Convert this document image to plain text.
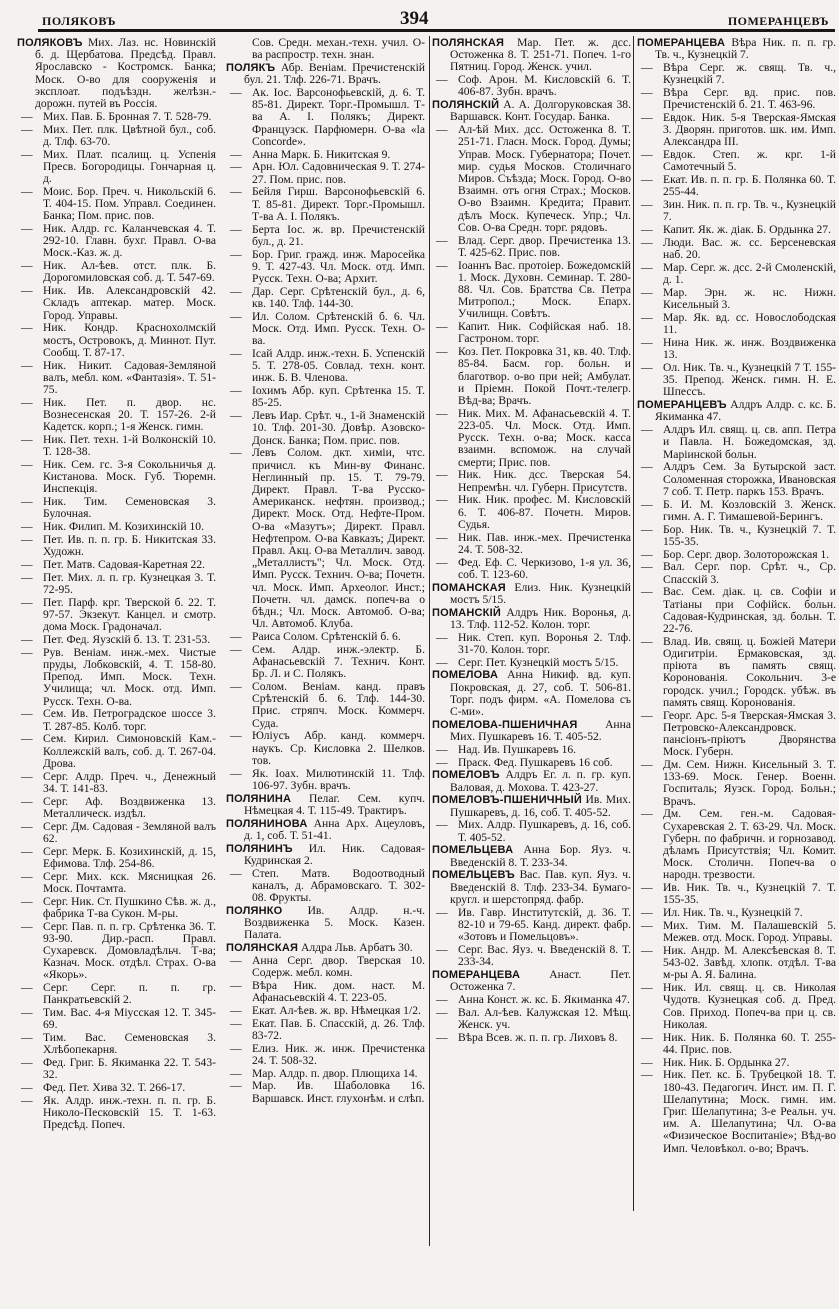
ПОЛЯКОВЪ	394	ПОМЕРАНЦЕВЪ
ПОЛЯКОВЪ Мих. Лаз. нс. Новинскій б. д. Щербатова. Предсѣд. Правл. Ярославско - Костромск. Банка; Моск. О-во для сооруженія и эксплоат. подъѣздн. желѣзн.-дорожн. путей въ Россія.
— Мих. Пав. Б. Бронная 7. Т. 528-79.
— Мих. Пет. плк. Цвѣтной бул., соб. д. Тлф. 63-70.
— Мих. Плат. псалищ. ц. Успенія Пресв. Богородицы. Гончарная ц. д.
— Моис. Бор. Преч. ч. Никольскій 6. Т. 404-15. Пом. Управл. Соединен. Банка; Пом. прис. пов.
— Ник. Алдр. гс. Каланчевская 4. Т. 292-10. Главн. бухг. Правл. О-ва Моск.-Каз. ж. д.
— Ник. Ал-ѣев. отст. плк. Б. Дорогомиловская соб. д. Т. 547-69.
— Ник. Ив. Александровскій 42. Складъ аптекар. матер. Моск. Город. Управы.
— Ник. Кондр. Краснохолмскій мостъ, Островокъ, д. Миннот. Пут. Сообщ. Т. 87-17.
— Ник. Никит. Садовая-Земляной валъ, мебл. ком. «Фантазія». Т. 51-75.
— Ник. Пет. п. двор. нс. Вознесенская 20. Т. 157-26. 2-й Кадетск. корп.; 1-я Женск. гимн.
— Ник. Пет. техн. 1-й Волконскій 10. Т. 128-38.
— Ник. Сем. гс. 3-я Сокольничья д. Кистанова. Моск. Губ. Тюремн. Инспекція.
— Ник. Тим. Семеновская 3. Булочная.
— Ник. Филип. М. Козихинскій 10.
— Пет. Ив. п. п. гр. Б. Никитская 33. Художн.
— Пет. Матв. Садовая-Каретная 22.
— Пет. Мих. л. п. гр. Кузнецкая 3. Т. 72-95.
— Пет. Парф. крг. Тверской б. 22. Т. 97-57. Экзекут. Канцел. и смотр. дома Моск. Градоначал.
— Пет. Фед. Яузскій б. 13. Т. 231-53.
— Рув. Веніам. инж.-мех. Чистые пруды, Лобковскій, 4. Т. 158-80. Препод. Имп. Моск. Техн. Училища; чл. Моск. отд. Имп. Русск. Техн. О-ва.
— Сем. Ив. Петроградское шоссе 3. Т. 287-85. Колб. торг.
— Сем. Кирил. Симоновскій Кам.-Коллежскій валъ, соб. д. Т. 267-04. Дрова.
— Серг. Алдр. Преч. ч., Денежный 34. Т. 141-83.
— Серг. Аф. Воздвиженка 13. Металлическ. издѣл.
— Серг. Дм. Садовая - Земляной валъ 62.
— Серг. Мерк. Б. Козихинскій, д. 15, Ефимова. Тлф. 254-86.
— Серг. Мих. кск. Мясницкая 26. Моск. Почтамта.
— Серг. Ник. Ст. Пушкино Сѣв. ж. д., фабрика Т-ва Сукон. М-ры.
— Серг. Пав. п. п. гр. Срѣтенка 36. Т. 93-90. Дир.-расп. Правл. Сухаревск. Домовладѣльч. Т-ва; Казнач. Моск. отдѣл. Страх. О-ва «Якорь».
— Серг. Серг. п. п. гр. Панкратьевскій 2.
— Тим. Вас. 4-я Міусская 12. Т. 345-69.
— Тим. Вас. Семеновская 3. Хлѣбопекарня.
— Фед. Григ. Б. Якиманка 22. Т. 543-32.
— Фед. Пет. Хива 32. Т. 266-17.
— Як. Алдр. инж.-техн. п. п. гр. Б. Николо-Песковскій 15. Т. 1-63. Предсѣд. Попеч.
Сов. Средн. механ.-техн. учил. О-ва распростр. техн. знан.
ПОЛЯКЪ Абр. Веніам. Пречистенскій бул. 21. Тлф. 226-71. Врачъ.
— Ак. Іос. Варсонофьевскій, д. 6. Т. 85-81. Директ. Торг.-Промышл. Т-ва А. I. Полякъ; Директ. Французск. Парфюмерн. О-ва «la Concorde».
— Анна Марк. Б. Никитская 9.
— Арн. Юл. Садовническая 9. Т. 274-27. Пом. прис. пов.
— Бейля Гирш. Варсонофьевскій 6. Т. 85-81. Директ. Торг.-Промышл. Т-ва А. I. Полякъ.
— Берта Іос. ж. вр. Пречистенскій бул., д. 21.
— Бор. Григ. гражд. инж. Маросейка 9. Т. 427-43. Чл. Моск. отд. Имп. Русск. Техн. О-ва; Архит.
— Дар. Серг. Срѣтенскій бул., д. 6, кв. 140. Тлф. 144-30.
— Ил. Солом. Срѣтенскій б. 6. Чл. Моск. Отд. Имп. Русск. Техн. О-ва.
— Ісай Алдр. инж.-техн. Б. Успенскій 5. Т. 278-05. Совлад. техн. конт. инж. Б. В. Членова.
— Іохимъ Абр. куп. Срѣтенка 15. Т. 85-25.
— Левъ Иар. Срѣт. ч., 1-й Знаменскій 10. Тлф. 201-30. Довѣр. Азовско-Донск. Банка; Пом. прис. пов.
— Левъ Солом. дкт. химіи, чтс. причисл. къ Мин-ву Финанс. Неглинный пр. 15. Т. 79-79. Директ. Правл. Т-ва Русско-Американск. нефтян. производ.; Директ. Моск. Отд. Нефте-Пром. О-ва «Мазутъ»; Директ. Правл. Нефтепром. О-ва Кавказъ; Директ. Правл. Акц. О-ва Металлич. завод. „Металлистъ"; Чл. Моск. Отд. Имп. Русск. Технич. О-ва; Почетн. чл. Моск. Имп. Археолог. Инст.; Почетн. чл. дамск. попеч-ва о бѣдн.; Чл. Моск. Автомоб. О-ва; Чл. Автомоб. Клуба.
— Раиса Солом. Срѣтенскій б. 6.
— Сем. Алдр. инж.-электр. Б. Афанасьевскій 7. Технич. Конт. Бр. Л. и С. Полякъ.
— Солом. Веніам. канд. правъ Срѣтенскій б. 6. Тлф. 144-30. Прис. стряпч. Моск. Коммерч. Суда.
— Юліусъ Абр. канд. коммерч. наукъ. Ср. Кисловка 2. Шелков. тов.
— Як. Іоах. Милютинскій 11. Тлф. 106-97. Зубн. врачъ.
ПОЛЯНИНА Пелаг. Сем. купч. Нѣмецкая 4. Т. 115-49. Трактиръ.
ПОЛЯНИНОВА Анна Арх. Ацеуловъ, д. 1, соб. Т. 51-41.
ПОЛЯНИНЪ Ил. Ник. Садовая-Кудринская 2.
— Степ. Матв. Водоотводный каналъ, д. Абрамовскаго. Т. 302-08. Фрукты.
ПОЛЯНКО Ив. Алдр. н.-ч. Воздвиженка 5. Моск. Казен. Палата.
ПОЛЯНСКАЯ Алдра Льв. Арбатъ 30.
— Анна Серг. двор. Тверская 10. Содерж. мебл. комн.
— Вѣра Ник. дом. наст. М. Афанасьевскій 4. Т. 223-05.
— Екат. Ал-ѣев. ж. вр. Нѣмецкая 1/2.
— Екат. Пав. Б. Спасскій, д. 26. Тлф. 83-72.
— Елиз. Ник. ж. инж. Пречистенка 24. Т. 508-32.
— Мар. Алдр. п. двор. Плющиха 14.
— Мар. Ив. Шаболовка 16. Варшавск. Инст. глухонѣм. и слѣп.
ПОЛЯНСКАЯ Мар. Пет. ж. дсс. Остоженка 8. Т. 251-71. Попеч. 1-го Пятниц. Город. Женск. учил.
— Соф. Арон. М. Кисловскій 6. Т. 406-87. Зубн. врачъ.
ПОЛЯНСКІЙ А. А. Долгоруковская 38. Варшавск. Конт. Государ. Банка.
— Ал-ѣй Мих. дсс. Остоженка 8. Т. 251-71. Гласн. Моск. Город. Думы; Управ. Моск. Губернатора; Почет. мир. судья Москов. Столичнаго Миров. Съѣзда; Моск. Город. О-во Взаимн. отъ огня Страх.; Москов. О-во Взаимн. Кредита; Правит. дѣлъ Моск. Купеческ. Упр.; Чл. Сов. О-ва Средн. торг. рядовъ.
— Влад. Серг. двор. Пречистенка 13. Т. 425-62. Прис. пов.
— Іоаннъ Вас. протоіер. Божедомскій 1. Моск. Духовн. Семинар. Т. 280-88. Чл. Сов. Братства Св. Петра Митропол.; Моск. Епарх. Училищн. Совѣтъ.
— Капит. Ник. Софійская наб. 18. Гастроном. торг.
— Коз. Пет. Покровка 31, кв. 40. Тлф. 85-84. Басм. гор. больн. и благотвор. о-во при ней; Амбулат. и Пріемн. Покой Почт.-телегр. Вѣд-ва; Врачъ.
— Ник. Мих. М. Афанасьевскій 4. Т. 223-05. Чл. Моск. Отд. Имп. Русск. Техн. о-ва; Моск. касса взаимн. вспомож. на случай смерти; Прис. пов.
— Ник. Ник. дсс. Тверская 54. Непремѣн. чл. Губерн. Присутств.
— Ник. Ник. профес. М. Кисловскій 6. Т. 406-87. Почетн. Миров. Судья.
— Ник. Пав. инж.-мех. Пречистенка 24. Т. 508-32.
— Фед. Еф. С. Черкизово, 1-я ул. 36, соб. Т. 123-60.
ПОМАНСКАЯ Елиз. Ник. Кузнецкій мостъ 5/15.
ПОМАНСКІЙ Алдръ Ник. Воронья, д. 13. Тлф. 112-52. Колон. торг.
— Ник. Степ. куп. Воронья 2. Тлф. 31-70. Колон. торг.
— Серг. Пет. Кузнецкій мостъ 5/15.
ПОМЕЛОВА Анна Никиф. вд. куп. Покровская, д. 27, соб. Т. 506-81. Торг. подъ фирм. «А. Помелова съ С-ми».
ПОМЕЛОВА-ПШЕНИЧНАЯ Анна Мих. Пушкаревъ 16. Т. 405-52.
— Над. Ив. Пушкаревъ 16.
— Праск. Фед. Пушкаревъ 16 соб.
ПОМЕЛОВЪ Алдръ Ег. л. п. гр. куп. Валовая, д. Мохова. Т. 423-27.
ПОМЕЛОВЪ-ПШЕНИЧНЫЙ Ив. Мих. Пушкаревъ, д. 16, соб. Т. 405-52.
— Мих. Алдр. Пушкаревъ, д. 16, соб. Т. 405-52.
ПОМЕЛЬЦЕВА Анна Бор. Яуз. ч. Введенскій 8. Т. 233-34.
ПОМЕЛЬЦЕВЪ Вас. Пав. куп. Яуз. ч. Введенскій 8. Тлф. 233-34. Бумаго-кругл. и шерстопряд. фабр.
— Ив. Гавр. Институтскій, д. 36. Т. 82-10 и 79-65. Канд. директ. фабр. «Зотовъ и Помельцовъ».
— Серг. Вас. Яуз. ч. Введенскій 8. Т. 233-34.
ПОМЕРАНЦЕВА	Анаст. Пет. Остоженка 7.
— Анна Конст. ж. кс. Б. Якиманка 47.
— Вал. Ал-ѣев. Калужская 12. Мѣщ. Женск. уч.
— Вѣра Всев. ж. п. п. гр. Лиховъ 8.
ПОМЕРАНЦЕВА Вѣра Ник. п. п. гр. Тв. ч., Кузнецкій 7.
— Вѣра Серг. ж. свящ. Тв. ч., Кузнецкій 7.
— Вѣра Серг. вд. прис. пов. Пречистенскій б. 21. Т. 463-96.
— Евдок. Ник. 5-я Тверская-Ямская 3. Дворян. приготов. шк. им. Имп. Александра III.
— Евдок. Степ. ж. крг. 1-й Самотечный 5.
— Екат. Ив. п. п. гр. Б. Полянка 60. Т. 255-44.
— Зин. Ник. п. п. гр. Тв. ч., Кузнецкій 7.
— Капит. Як. ж. діак. Б. Ордынка 27.
— Люди. Вас. ж. сс. Берсеневская наб. 20.
— Мар. Серг. ж. дсс. 2-й Смоленскій, д. 1.
— Мар. Эрн. ж. нс. Нижн. Кисельный 3.
— Мар. Як. вд. сс. Новослободская 11.
— Нина Ник. ж. инж. Воздвиженка 13.
— Ол. Ник. Тв. ч., Кузнецкій 7 Т. 155-35. Препод. Женск. гимн. Н. Е. Шпессъ.
ПОМЕРАНЦЕВЪ Алдръ Алдр. с. кс. Б. Якиманка 47.
— Алдръ Ил. свящ. ц. св. апп. Петра и Павла. Н. Божедомская, зд. Маріинской больн.
— Алдръ Сем. За Бутырской заст. Соломенная сторожка, Ивановская 7 соб. Т. Петр. паркъ 153. Врачъ.
— Б. И. М. Козловскій 3. Женск. гимн. А. Г. Тимашевой-Берингъ.
— Бор. Ник. Тв. ч., Кузнецкій 7. Т. 155-35.
— Бор. Серг. двор. Золоторожская 1.
— Вал. Серг. пор. Срѣт. ч., Ср. Спасскій 3.
— Вас. Сем. діак. ц. св. Софіи и Татіаны при Софійск. больн. Садовая-Кудринская, зд. больн. Т. 22-76.
— Влад. Ив. свящ. ц. Божіей Матери Одигитріи. Ермаковская, зд. пріюта въ память свящ. Коронованія. Сокольнич. 3-е городск. учил.; Городск. убѣж. въ память свящ. Коронованія.
— Георг. Арс. 5-я Тверская-Ямская 3. Петровско-Александровск. пансіонъ-пріютъ Дворянства Моск. Губерн.
— Дм. Сем. Нижн. Кисельный 3. Т. 133-69. Моск. Генер. Военн. Госпиталь; Яузск. Город. Больн.; Врачъ.
— Дм. Сем. ген.-м. Садовая-Сухаревская 2. Т. 63-29. Чл. Моск. Губерн. по фабричн. и горнозавод. дѣламъ Присутствія; Чл. Комит. Моск. Столичн. Попеч-ва о народн. трезвости.
— Ив. Ник. Тв. ч., Кузнецкій 7. Т. 155-35.
— Ил. Ник. Тв. ч., Кузнецкій 7.
— Мих. Тим. М. Палашевскій 5. Межев. отд. Моск. Город. Управы.
— Ник. Андр. М. Алексѣевская 8. Т. 543-02. Завѣд. хлопк. отдѣл. Т-ва м-ры А. Я. Балина.
— Ник. Ил. свящ. ц. св. Николая Чудотв. Кузнецкая соб. д. Пред. Сов. Приход. Попеч-ва при ц. св. Николая.
— Ник. Ник. Б. Полянка 60. Т. 255-44. Прис. пов.
— Ник. Ник. Б. Ордынка 27.
— Ник. Пет. кс. Б. Трубецкой 18. Т. 180-43. Педагогич. Инст. им. П. Г. Шелапутина; Моск. гимн. им. Григ. Шелапутина; 3-е Реальн. уч. им. А. Шелапутина; Чл. О-ва «Физическое Воспитаніе»; Вѣд-во Имп. Человѣкол. о-во; Врачъ.
